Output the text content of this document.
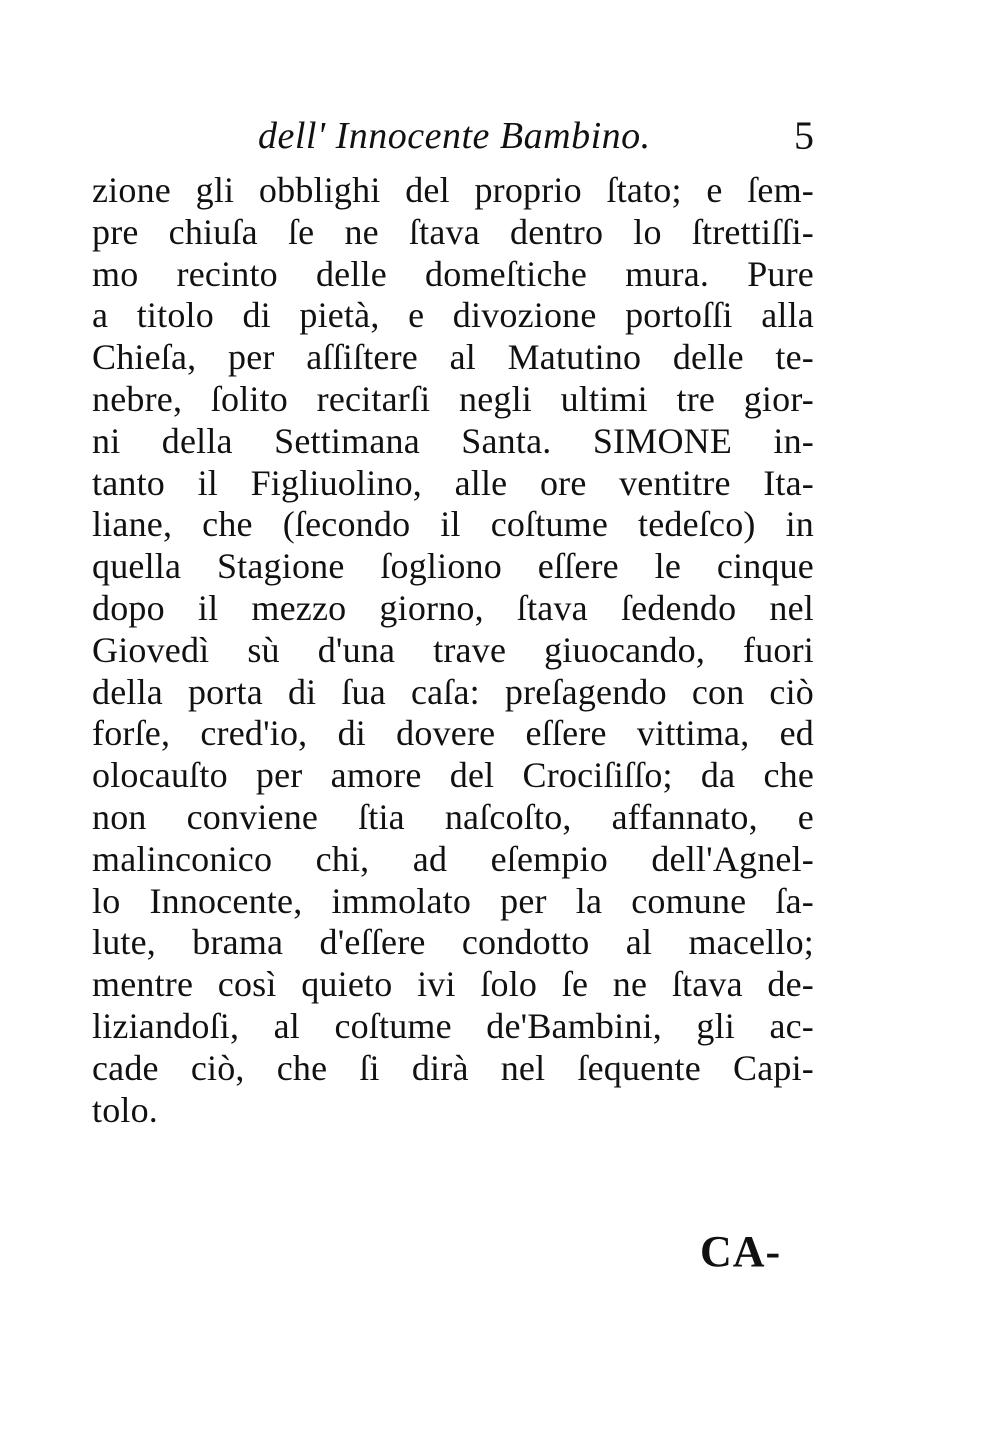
dell' Innocente Bambino.	5
zione gli obblighi del proprio ſtato; e ſem-
pre chiuſa ſe ne ſtava dentro lo ſtrettiſſi-
mo recinto delle domeſtiche mura. Pure
a titolo di pietà, e divozione portoſſi alla
Chieſa, per aſſiſtere al Matutino delle te-
nebre, ſolito recitarſi negli ultimi tre gior-
ni della Settimana Santa. SIMONE in-
tanto il Figliuolino, alle ore ventitre Ita-
liane, che (ſecondo il coſtume tedeſco) in
quella Stagione ſogliono eſſere le cinque
dopo il mezzo giorno, ſtava ſedendo nel
Giovedì sù d'una trave giuocando, fuori
della porta di ſua caſa: preſagendo con ciò
forſe, cred'io, di dovere eſſere vittima, ed
olocauſto per amore del Crociſiſſo; da che
non conviene ſtia naſcoſto, affannato, e
malinconico chi, ad eſempio dell'Agnel-
lo Innocente, immolato per la comune ſa-
lute, brama d'eſſere condotto al macello;
mentre così quieto ivi ſolo ſe ne ſtava de-
liziandoſi, al coſtume de'Bambini, gli ac-
cade ciò, che ſi dirà nel ſequente Capi-
tolo.
CA-
